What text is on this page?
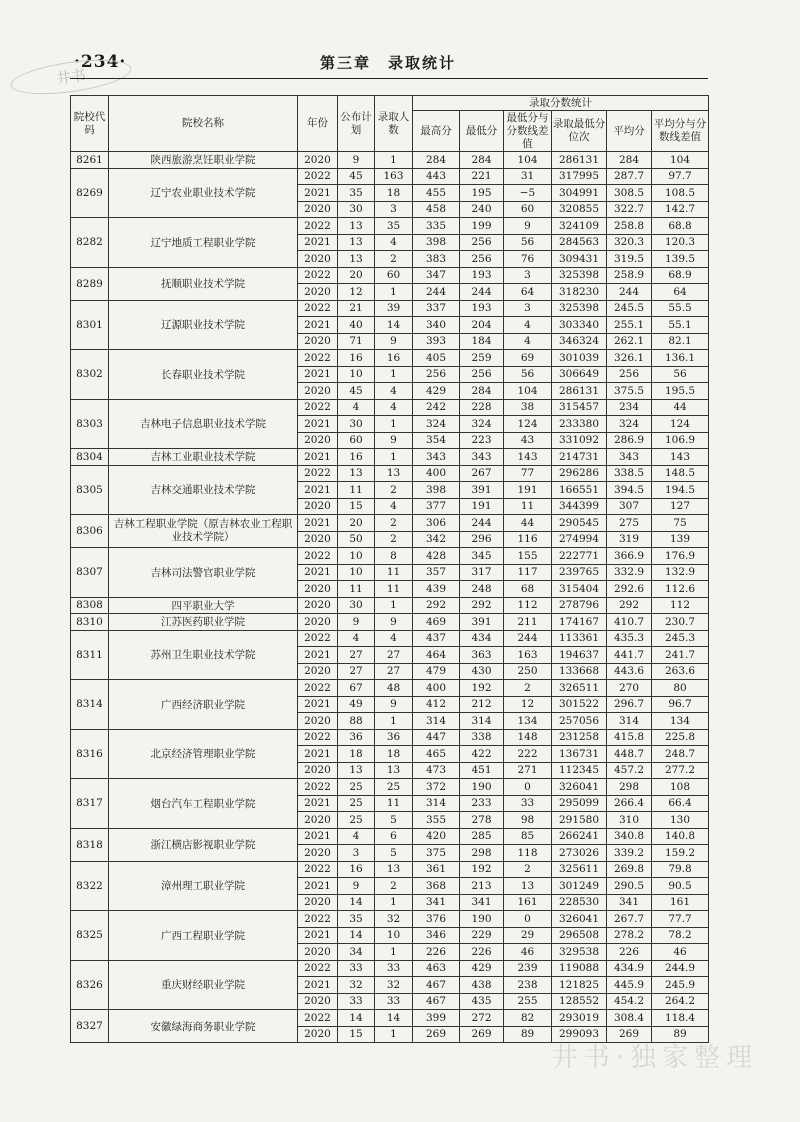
·234·	第三章　录取统计
井书
院校代码	院校名称	年份	公布计划	录取人数	录取分数统计					
					最高分	最低分	最低分与分数线差值	录取最低分位次	平均分	平均分与分数线差值
8261	陕西旅游烹饪职业学院	2020	9	1	284	284	104	286131	284	104
8269	辽宁农业职业技术学院	2022	45	163	443	221	31	317995	287.7	97.7
		2021	35	18	455	195	−5	304991	308.5	108.5
		2020	30	3	458	240	60	320855	322.7	142.7
8282	辽宁地质工程职业学院	2022	13	35	335	199	9	324109	258.8	68.8
		2021	13	4	398	256	56	284563	320.3	120.3
		2020	13	2	383	256	76	309431	319.5	139.5
8289	抚顺职业技术学院	2022	20	60	347	193	3	325398	258.9	68.9
		2020	12	1	244	244	64	318230	244	64
8301	辽源职业技术学院	2022	21	39	337	193	3	325398	245.5	55.5
		2021	40	14	340	204	4	303340	255.1	55.1
		2020	71	9	393	184	4	346324	262.1	82.1
8302	长春职业技术学院	2022	16	16	405	259	69	301039	326.1	136.1
		2021	10	1	256	256	56	306649	256	56
		2020	45	4	429	284	104	286131	375.5	195.5
8303	吉林电子信息职业技术学院	2022	4	4	242	228	38	315457	234	44
		2021	30	1	324	324	124	233380	324	124
		2020	60	9	354	223	43	331092	286.9	106.9
8304	吉林工业职业技术学院	2021	16	1	343	343	143	214731	343	143
8305	吉林交通职业技术学院	2022	13	13	400	267	77	296286	338.5	148.5
		2021	11	2	398	391	191	166551	394.5	194.5
		2020	15	4	377	191	11	344399	307	127
8306	吉林工程职业学院（原吉林农业工程职业技术学院）	2021	20	2	306	244	44	290545	275	75
		2020	50	2	342	296	116	274994	319	139
8307	吉林司法警官职业学院	2022	10	8	428	345	155	222771	366.9	176.9
		2021	10	11	357	317	117	239765	332.9	132.9
		2020	11	11	439	248	68	315404	292.6	112.6
8308	四平职业大学	2020	30	1	292	292	112	278796	292	112
8310	江苏医药职业学院	2020	9	9	469	391	211	174167	410.7	230.7
8311	苏州卫生职业技术学院	2022	4	4	437	434	244	113361	435.3	245.3
		2021	27	27	464	363	163	194637	441.7	241.7
		2020	27	27	479	430	250	133668	443.6	263.6
8314	广西经济职业学院	2022	67	48	400	192	2	326511	270	80
		2021	49	9	412	212	12	301522	296.7	96.7
		2020	88	1	314	314	134	257056	314	134
8316	北京经济管理职业学院	2022	36	36	447	338	148	231258	415.8	225.8
		2021	18	18	465	422	222	136731	448.7	248.7
		2020	13	13	473	451	271	112345	457.2	277.2
8317	烟台汽车工程职业学院	2022	25	25	372	190	0	326041	298	108
		2021	25	11	314	233	33	295099	266.4	66.4
		2020	25	5	355	278	98	291580	310	130
8318	浙江横店影视职业学院	2021	4	6	420	285	85	266241	340.8	140.8
		2020	3	5	375	298	118	273026	339.2	159.2
8322	漳州理工职业学院	2022	16	13	361	192	2	325611	269.8	79.8
		2021	9	2	368	213	13	301249	290.5	90.5
		2020	14	1	341	341	161	228530	341	161
8325	广西工程职业学院	2022	35	32	376	190	0	326041	267.7	77.7
		2021	14	10	346	229	29	296508	278.2	78.2
		2020	34	1	226	226	46	329538	226	46
8326	重庆财经职业学院	2022	33	33	463	429	239	119088	434.9	244.9
		2021	32	32	467	438	238	121825	445.9	245.9
		2020	33	33	467	435	255	128552	454.2	264.2
8327	安徽绿海商务职业学院	2022	14	14	399	272	82	293019	308.4	118.4
		2020	15	1	269	269	89	299093	269	89
井书·独家整理
